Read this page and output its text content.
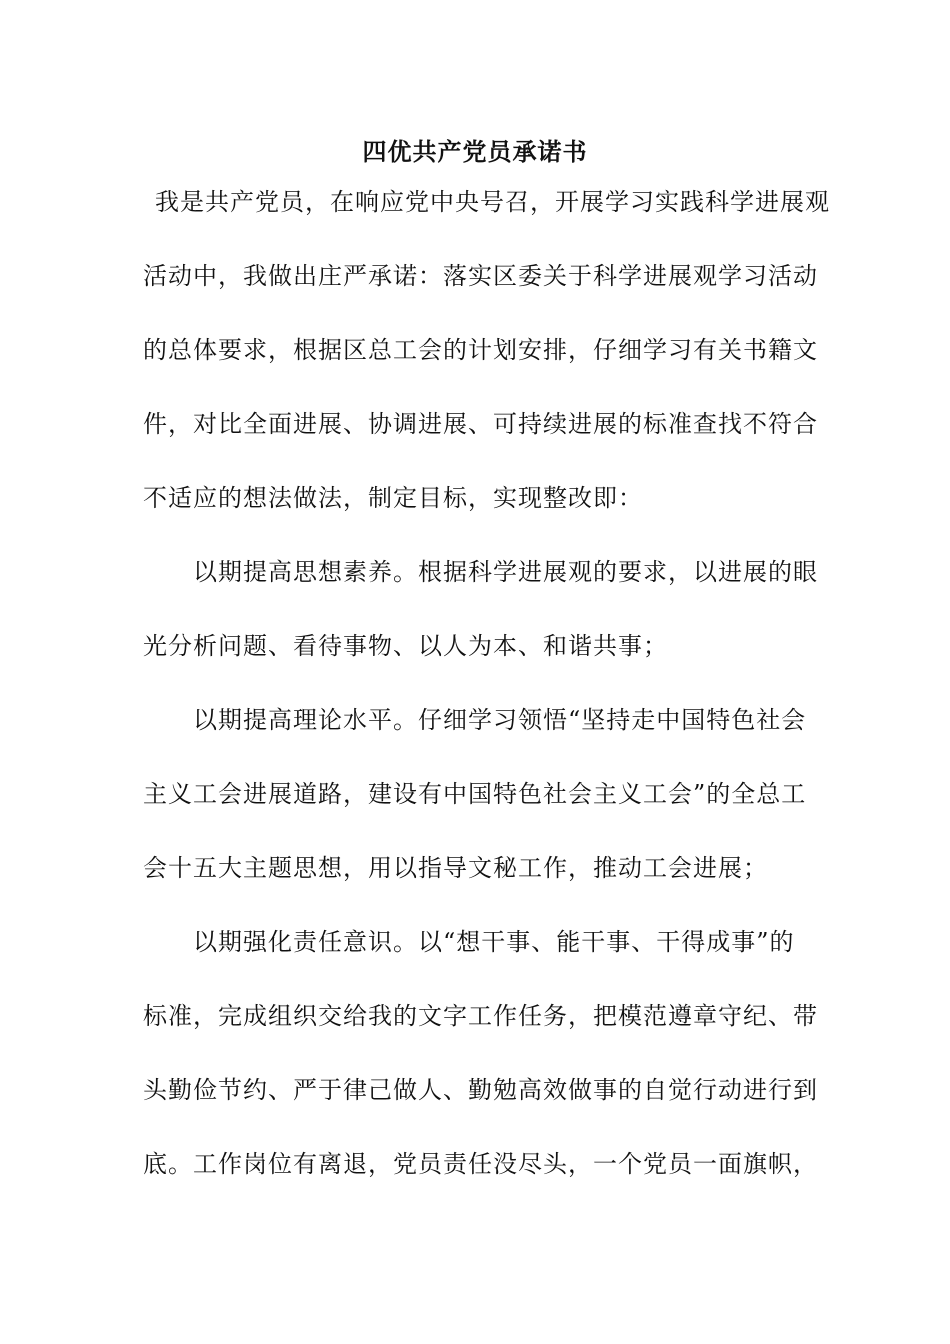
四优共产党员承诺书
我是共产党员，在响应党中央号召，开展学习实践科学进展观
活动中，我做出庄严承诺：落实区委关于科学进展观学习活动
的总体要求，根据区总工会的计划安排，仔细学习有关书籍文
件，对比全面进展、协调进展、可持续进展的标准查找不符合
不适应的想法做法，制定目标，实现整改即：
以期提高思想素养。根据科学进展观的要求，以进展的眼
光分析问题、看待事物、以人为本、和谐共事；
以期提高理论水平。仔细学习领悟“坚持走中国特色社会
主义工会进展道路，建设有中国特色社会主义工会”的全总工
会十五大主题思想，用以指导文秘工作，推动工会进展；
以期强化责任意识。以“想干事、能干事、干得成事”的
标准，完成组织交给我的文字工作任务，把模范遵章守纪、带
头勤俭节约、严于律己做人、勤勉高效做事的自觉行动进行到
底。工作岗位有离退，党员责任没尽头，一个党员一面旗帜，
